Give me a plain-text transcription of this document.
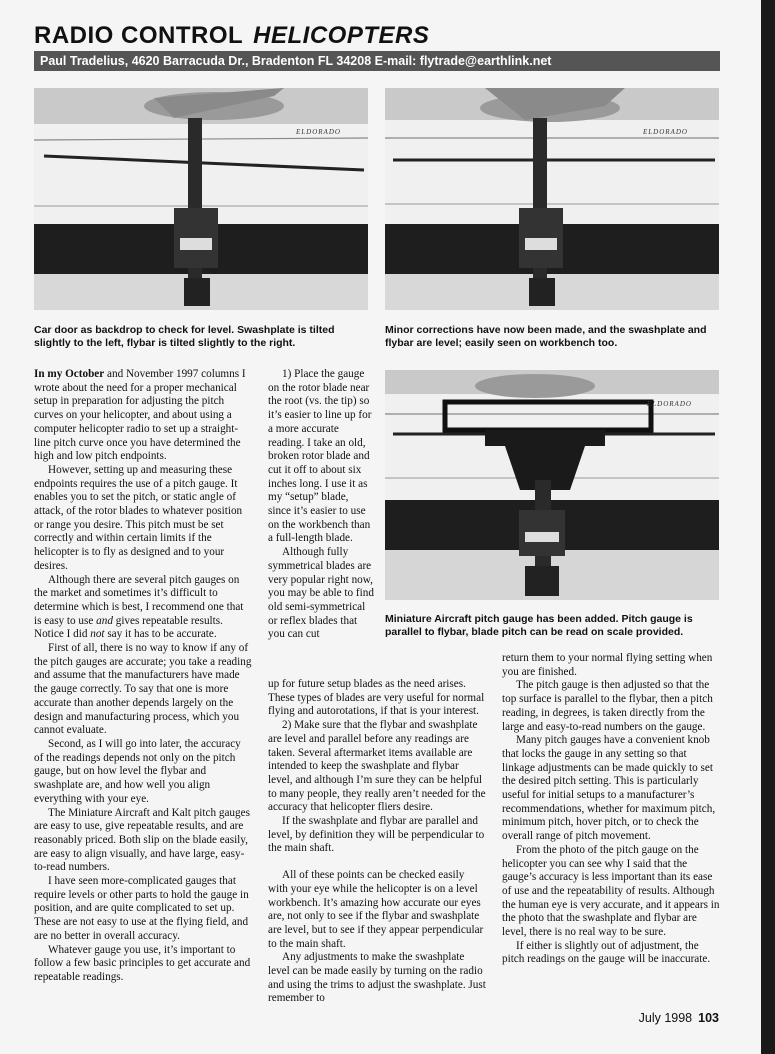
RADIO CONTROL HELICOPTERS
Paul Tradelius, 4620 Barracuda Dr., Bradenton FL 34208 E-mail: flytrade@earthlink.net
ELDORADO
Car door as backdrop to check for level. Swashplate is tilted slightly to the left, flybar is tilted slightly to the right.
ELDORADO
Minor corrections have now been made, and the swashplate and flybar are level; easily seen on workbench too.
ELDORADO
Miniature Aircraft pitch gauge has been added. Pitch gauge is parallel to flybar, blade pitch can be read on scale provided.

In my October and November 1997 columns I wrote about the need for a proper mechanical setup in preparation for adjusting the pitch curves on your helicopter, and about using a computer helicopter radio to set up a straight-line pitch curve once you have determined the high and low pitch endpoints.

However, setting up and measuring these endpoints requires the use of a pitch gauge. It enables you to set the pitch, or static angle of attack, of the rotor blades to whatever position or range you desire. This pitch must be set correctly and within certain limits if the helicopter is to fly as designed and to your desires.

Although there are several pitch gauges on the market and sometimes it’s difficult to determine which is best, I recommend one that is easy to use and gives repeatable results. Notice I did not say it has to be accurate.

First of all, there is no way to know if any of the pitch gauges are accurate; you take a reading and assume that the manufacturers have made the gauge correctly. To say that one is more accurate than another depends largely on the design and manufacturing process, which you cannot evaluate.

Second, as I will go into later, the accuracy of the readings depends not only on the pitch gauge, but on how level the flybar and swashplate are, and how well you align everything with your eye.

The Miniature Aircraft and Kalt pitch gauges are easy to use, give repeatable results, and are reasonably priced. Both slip on the blade easily, are easy to align visually, and have large, easy-to-read numbers.

I have seen more-complicated gauges that require levels or other parts to hold the gauge in position, and are quite complicated to set up. These are not easy to use at the flying field, and are no better in overall accuracy.

Whatever gauge you use, it’s important to follow a few basic principles to get accurate and repeatable readings.

1) Place the gauge on the rotor blade near the root (vs. the tip) so it’s easier to line up for a more accurate reading. I take an old, broken rotor blade and cut it off to about six inches long. I use it as my “setup” blade, since it’s easier to use on the workbench than a full-length blade.

Although fully symmetrical blades are very popular right now, you may be able to find old semi-symmetrical or reflex blades that you can cut

up for future setup blades as the need arises. These types of blades are very useful for normal flying and autorotations, if that is your interest.

2) Make sure that the flybar and swashplate are level and parallel before any readings are taken. Several aftermarket items available are intended to keep the swashplate and flybar level, and although I’m sure they can be helpful to many people, they really aren’t needed for the accuracy that helicopter fliers desire.

If the swashplate and flybar are parallel and level, by definition they will be perpendicular to the main shaft.

All of these points can be checked easily with your eye while the helicopter is on a level workbench. It’s amazing how accurate our eyes are, not only to see if the flybar and swashplate are level, but to see if they appear perpendicular to the main shaft.

Any adjustments to make the swashplate level can be made easily by turning on the radio and using the trims to adjust the swashplate. Just remember to

return them to your normal flying setting when you are finished.

The pitch gauge is then adjusted so that the top surface is parallel to the flybar, then a pitch reading, in degrees, is taken directly from the large and easy-to-read numbers on the gauge.

Many pitch gauges have a convenient knob that locks the gauge in any setting so that linkage adjustments can be made quickly to set the desired pitch setting. This is particularly useful for initial setups to a manufacturer’s recommendations, whether for maximum pitch, minimum pitch, hover pitch, or to check the overall range of pitch movement.

From the photo of the pitch gauge on the helicopter you can see why I said that the gauge’s accuracy is less important than its ease of use and the repeatability of results. Although the human eye is very accurate, and it appears in the photo that the swashplate and flybar are level, there is no real way to be sure.

If either is slightly out of adjustment, the pitch readings on the gauge will be inaccurate.

July 1998 103
